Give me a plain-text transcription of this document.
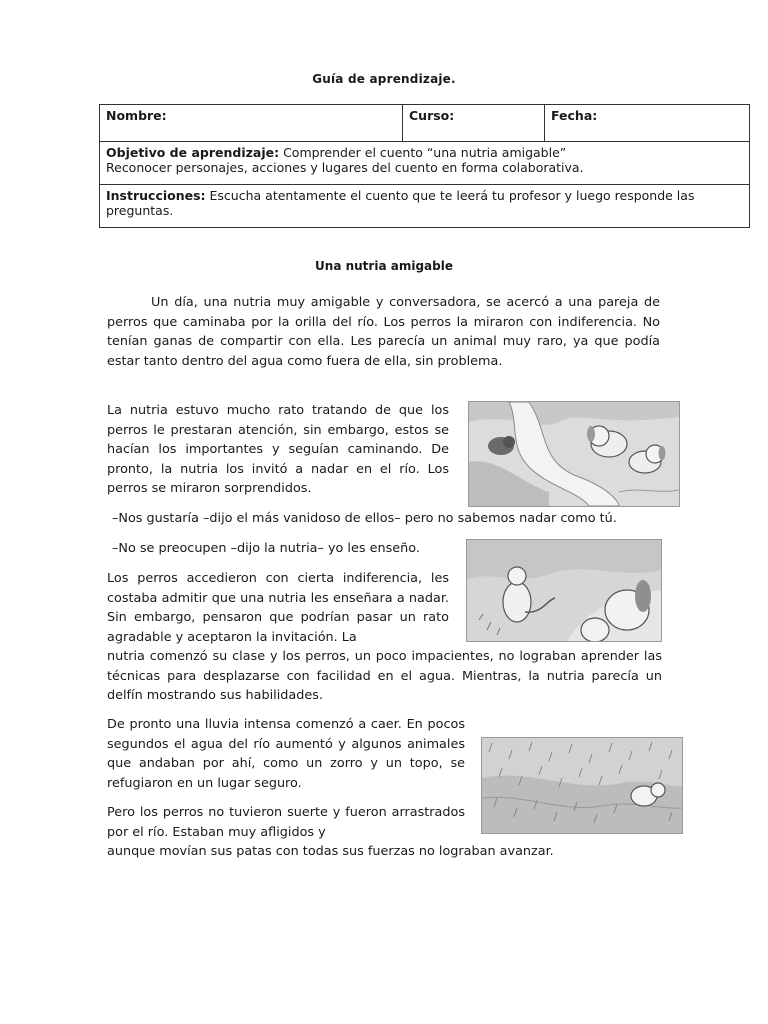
Guía de aprendizaje.
Nombre:	Curso:	Fecha:
Objetivo de aprendizaje: Comprender el cuento “una nutria amigable”
Reconocer personajes, acciones y lugares del cuento en forma colaborativa.
Instrucciones: Escucha atentamente el cuento que te leerá tu profesor y luego responde las preguntas.
Una nutria amigable

Un día, una nutria muy amigable y conversadora, se acercó a una pareja de perros que caminaba por la orilla del río. Los perros la miraron con indiferencia. No tenían ganas de compartir con ella. Les parecía un animal muy raro, ya que podía estar tanto dentro del agua como fuera de ella, sin problema.

La nutria estuvo mucho rato tratando de que los perros le prestaran atención, sin embargo, estos se hacían los importantes y seguían caminando. De pronto, la nutria los invitó a nadar en el río. Los perros se miraron sorprendidos.

–Nos gustaría –dijo el más vanidoso de ellos– pero no sabemos nadar como tú.

–No se preocupen –dijo la nutria– yo les enseño.

Los perros accedieron con cierta indiferencia, les costaba admitir que una nutria les enseñara a nadar. Sin embargo, pensaron que podrían pasar un rato agradable y aceptaron la invitación. La

nutria comenzó su clase y los perros, un poco impacientes, no lograban aprender las técnicas para desplazarse con facilidad en el agua. Mientras, la nutria parecía un delfín mostrando sus habilidades.

De pronto una lluvia intensa comenzó a caer. En pocos segundos el agua del río aumentó y algunos animales que andaban por ahí, como un zorro y un topo, se refugiaron en un lugar seguro.

Pero los perros no tuvieron suerte y fueron arrastrados por el río. Estaban muy afligidos y

aunque movían sus patas con todas sus fuerzas no lograban avanzar.
